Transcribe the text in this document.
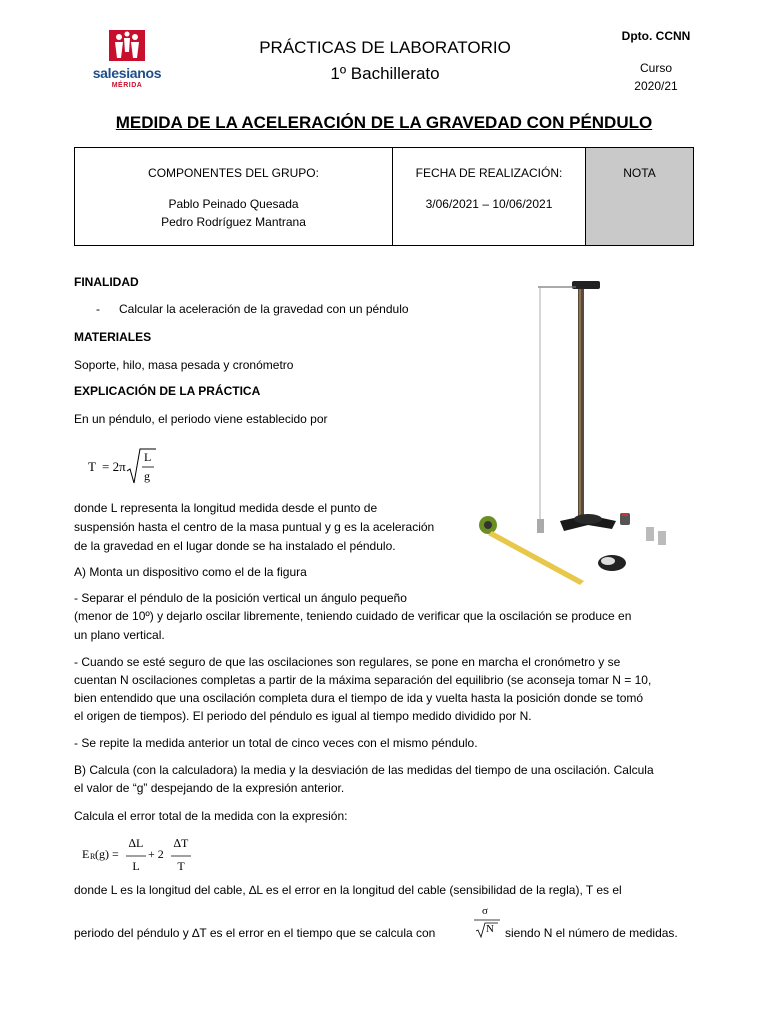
salesianos
MÉRIDA
PRÁCTICAS DE LABORATORIO
1º Bachillerato
Dpto. CCNN
Curso
2020/21
MEDIDA DE LA ACELERACIÓN DE LA GRAVEDAD CON PÉNDULO
COMPONENTES DEL GRUPO:
Pablo Peinado Quesada
Pedro Rodríguez Mantrana
FECHA DE REALIZACIÓN:
3/06/2021 – 10/06/2021
NOTA
FINALIDAD
- Calcular la aceleración de la gravedad con un péndulo
MATERIALES
Soporte, hilo, masa pesada y cronómetro
EXPLICACIÓN DE LA PRÁCTICA
En un péndulo, el periodo viene establecido por
T = 2π
L
g
donde L representa la longitud medida desde el punto de
suspensión hasta el centro de la masa puntual y g es la aceleración
de la gravedad en el lugar donde se ha instalado el péndulo.
A) Monta un dispositivo como el de la figura
- Separar el péndulo de la posición vertical un ángulo pequeño
(menor de 10º) y dejarlo oscilar libremente, teniendo cuidado de verificar que la oscilación se produce en
un plano vertical.
- Cuando se esté seguro de que las oscilaciones son regulares, se pone en marcha el cronómetro y se
cuentan N oscilaciones completas a partir de la máxima separación del equilibrio (se aconseja tomar N = 10,
bien entendido que una oscilación completa dura el tiempo de ida y vuelta hasta la posición donde se tomó
el origen de tiempos). El periodo del péndulo es igual al tiempo medido dividido por N.
- Se repite la medida anterior un total de cinco veces con el mismo péndulo.
B) Calcula (con la calculadora) la media y la desviación de las medidas del tiempo de una oscilación. Calcula
el valor de “g” despejando de la expresión anterior.
Calcula el error total de la medida con la expresión:
E R (g) =
∆L
L
+ 2
∆T
T
donde L es la longitud del cable, ∆L es el error en la longitud del cable (sensibilidad de la regla), T es el
periodo del péndulo y ∆T es el error en el tiempo que se calcula con
σ
N siendo N el número de medidas.
